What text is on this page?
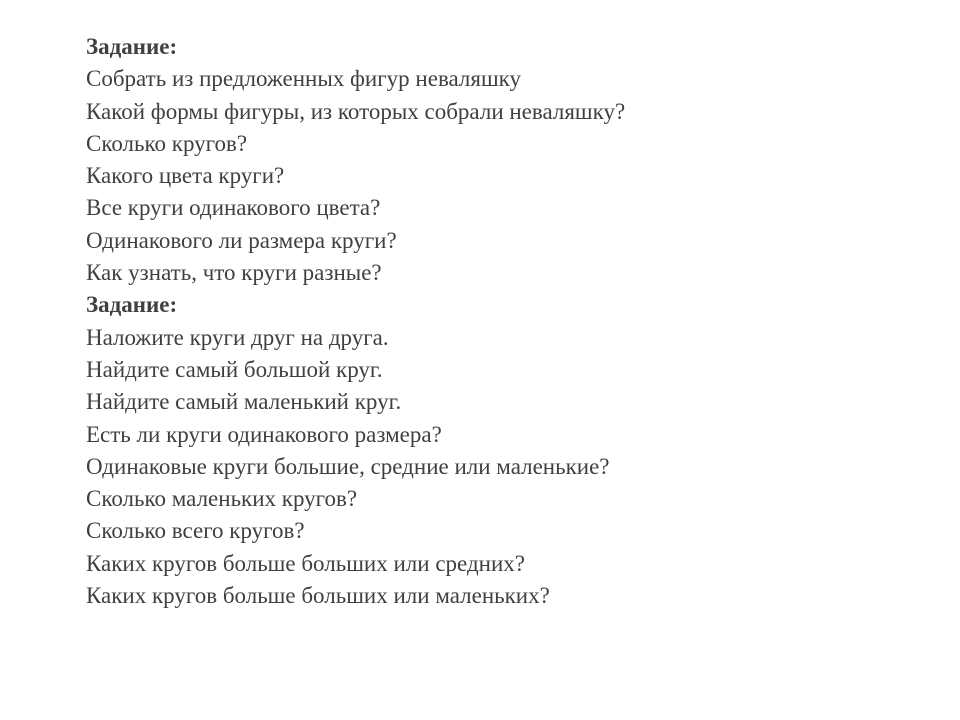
Задание:
Собрать из предложенных фигур неваляшку
Какой формы фигуры, из которых собрали неваляшку?
Сколько кругов?
Какого цвета круги?
Все круги одинакового цвета?
Одинакового ли размера круги?
Как узнать, что круги разные?
Задание:
Наложите круги друг на друга.
Найдите самый большой круг.
Найдите самый маленький круг.
Есть ли круги одинакового размера?
Одинаковые круги большие, средние или маленькие?
Сколько маленьких кругов?
Сколько всего кругов?
Каких кругов больше больших или средних?
Каких кругов больше больших или маленьких?
